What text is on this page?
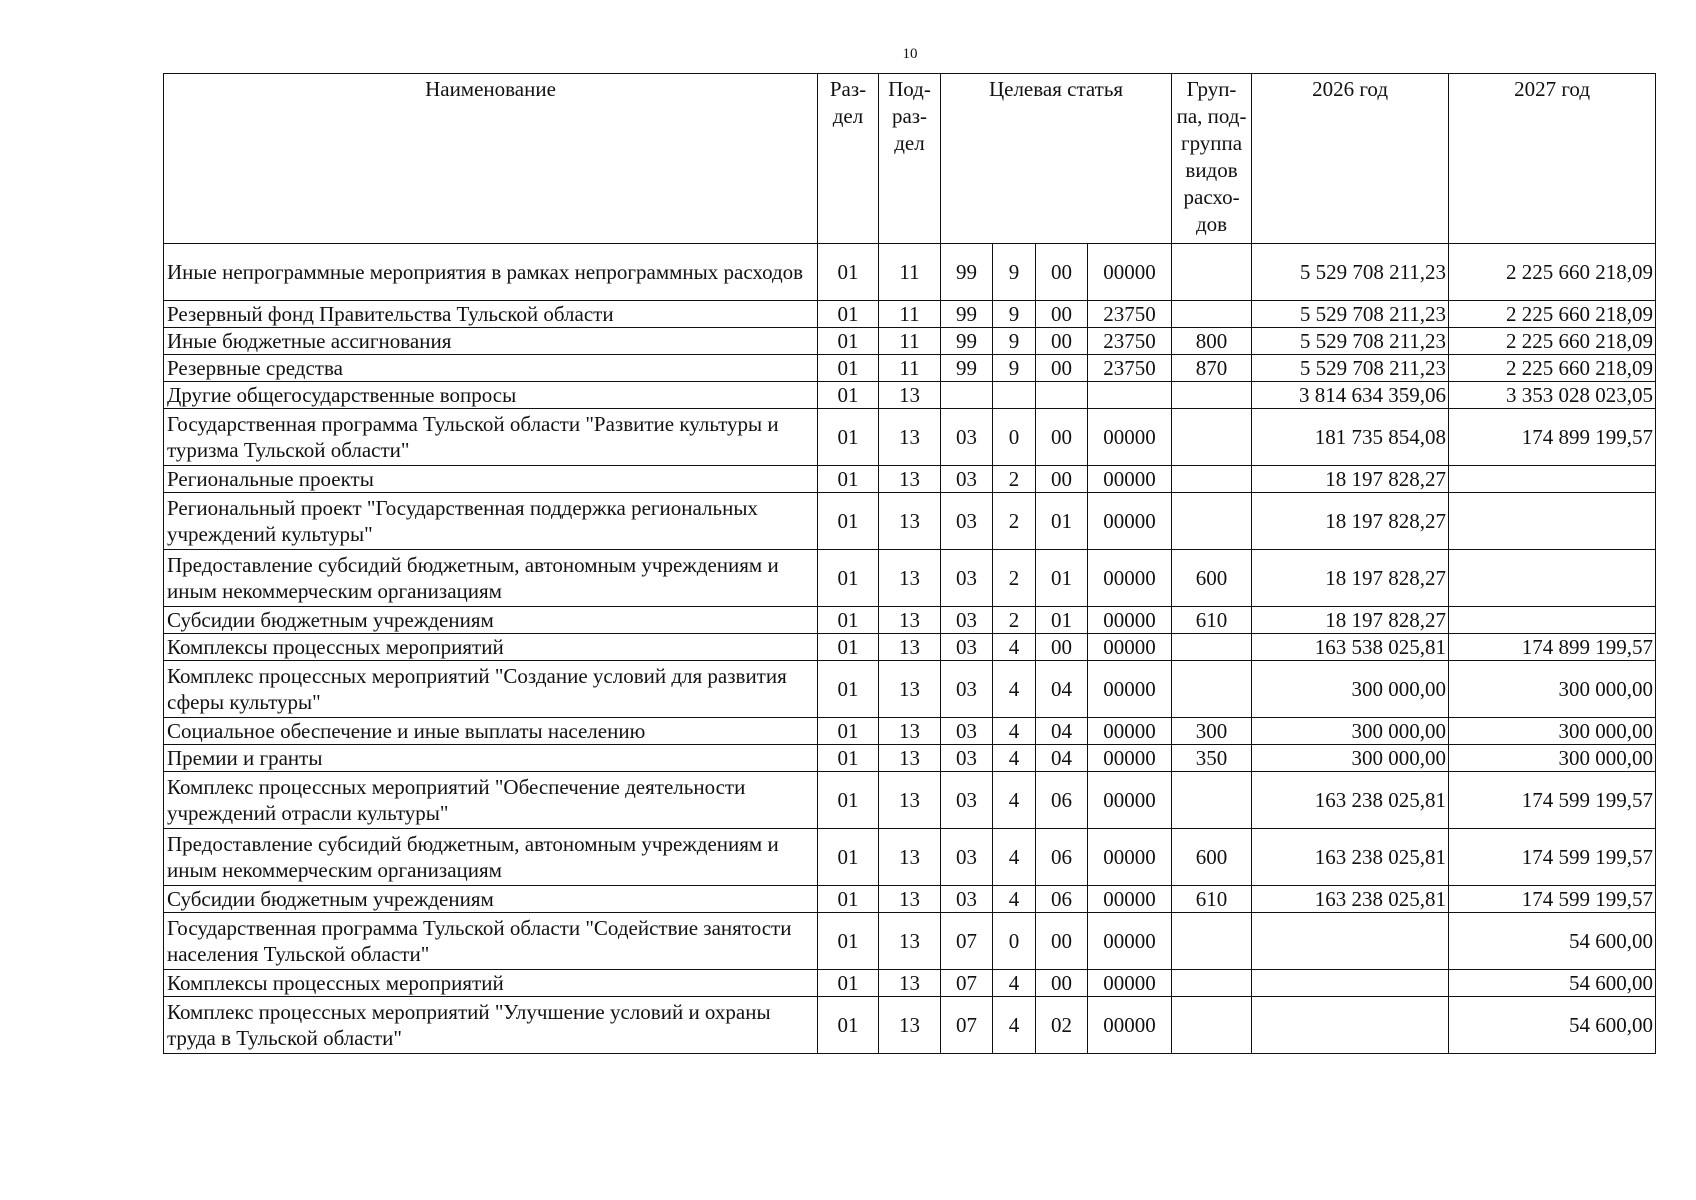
10
Наименование	Раз-дел	Под-раз-дел	Целевая статья				Груп-па, под-группа видов расхо-дов	2026 год	2027 год
Иные непрограммные мероприятия в рамках непрограммных расходов	01	11	99	9	00	00000		5 529 708 211,23	2 225 660 218,09
Резервный фонд Правительства Тульской области	01	11	99	9	00	23750		5 529 708 211,23	2 225 660 218,09
Иные бюджетные ассигнования	01	11	99	9	00	23750	800	5 529 708 211,23	2 225 660 218,09
Резервные средства	01	11	99	9	00	23750	870	5 529 708 211,23	2 225 660 218,09
Другие общегосударственные вопросы	01	13						3 814 634 359,06	3 353 028 023,05
Государственная программа Тульской области "Развитие культуры и туризма Тульской области"	01	13	03	0	00	00000		181 735 854,08	174 899 199,57
Региональные проекты	01	13	03	2	00	00000		18 197 828,27	
Региональный проект "Государственная поддержка региональных учреждений культуры"	01	13	03	2	01	00000		18 197 828,27	
Предоставление субсидий бюджетным, автономным учреждениям и иным некоммерческим организациям	01	13	03	2	01	00000	600	18 197 828,27	
Субсидии бюджетным учреждениям	01	13	03	2	01	00000	610	18 197 828,27	
Комплексы процессных мероприятий	01	13	03	4	00	00000		163 538 025,81	174 899 199,57
Комплекс процессных мероприятий "Создание условий для развития сферы культуры"	01	13	03	4	04	00000		300 000,00	300 000,00
Социальное обеспечение и иные выплаты населению	01	13	03	4	04	00000	300	300 000,00	300 000,00
Премии и гранты	01	13	03	4	04	00000	350	300 000,00	300 000,00
Комплекс процессных мероприятий "Обеспечение деятельности учреждений отрасли культуры"	01	13	03	4	06	00000		163 238 025,81	174 599 199,57
Предоставление субсидий бюджетным, автономным учреждениям и иным некоммерческим организациям	01	13	03	4	06	00000	600	163 238 025,81	174 599 199,57
Субсидии бюджетным учреждениям	01	13	03	4	06	00000	610	163 238 025,81	174 599 199,57
Государственная программа Тульской области "Содействие занятости населения Тульской области"	01	13	07	0	00	00000			54 600,00
Комплексы процессных мероприятий	01	13	07	4	00	00000			54 600,00
Комплекс процессных мероприятий "Улучшение условий и охраны труда в Тульской области"	01	13	07	4	02	00000			54 600,00
